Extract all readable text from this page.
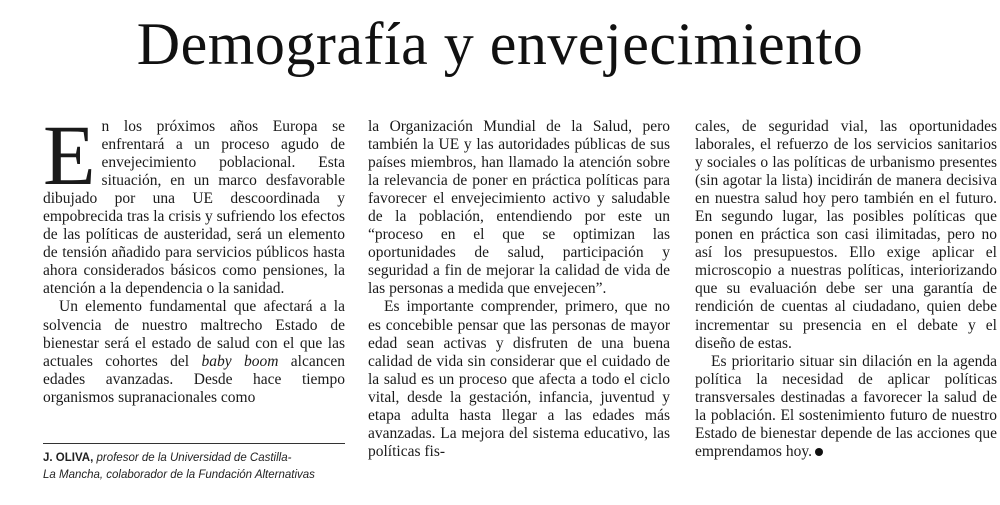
Demografía y envejecimiento

En los próximos años Europa se enfrentará a un proceso agudo de envejecimiento poblacional. Esta situación, en un marco desfavorable dibujado por una UE descoordinada y empobrecida tras la crisis y sufriendo los efectos de las políticas de austeridad, será un elemento de tensión añadido para servicios públicos hasta ahora considerados básicos como pensiones, la atención a la dependencia o la sanidad.

Un elemento fundamental que afectará a la solvencia de nuestro maltrecho Estado de bienestar será el estado de salud con el que las actuales cohortes del baby boom alcancen edades avanzadas. Desde hace tiempo organismos supranacionales como

J. OLIVA, profesor de la Universidad de Castilla-
La Mancha, colaborador de la Fundación Alternativas

la Organización Mundial de la Salud, pero también la UE y las autoridades públicas de sus países miembros, han llamado la atención sobre la relevancia de poner en práctica políticas para favorecer el envejecimiento activo y saludable de la población, entendiendo por este un “proceso en el que se optimizan las oportunidades de salud, participación y seguridad a fin de mejorar la calidad de vida de las personas a medida que envejecen”.

Es importante comprender, primero, que no es concebible pensar que las personas de mayor edad sean activas y disfruten de una buena calidad de vida sin considerar que el cuidado de la salud es un proceso que afecta a todo el ciclo vital, desde la gestación, infancia, juventud y etapa adulta hasta llegar a las edades más avanzadas. La mejora del sistema educativo, las políticas fis-

cales, de seguridad vial, las oportunidades laborales, el refuerzo de los servicios sanitarios y sociales o las políticas de urbanismo presentes (sin agotar la lista) incidirán de manera decisiva en nuestra salud hoy pero también en el futuro. En segundo lugar, las posibles políticas que ponen en práctica son casi ilimitadas, pero no así los presupuestos. Ello exige aplicar el microscopio a nuestras políticas, interiorizando que su evaluación debe ser una garantía de rendición de cuentas al ciudadano, quien debe incrementar su presencia en el debate y el diseño de estas.

Es prioritario situar sin dilación en la agenda política la necesidad de aplicar políticas transversales destinadas a favorecer la salud de la población. El sostenimiento futuro de nuestro Estado de bienestar depende de las acciones que emprendamos hoy.
